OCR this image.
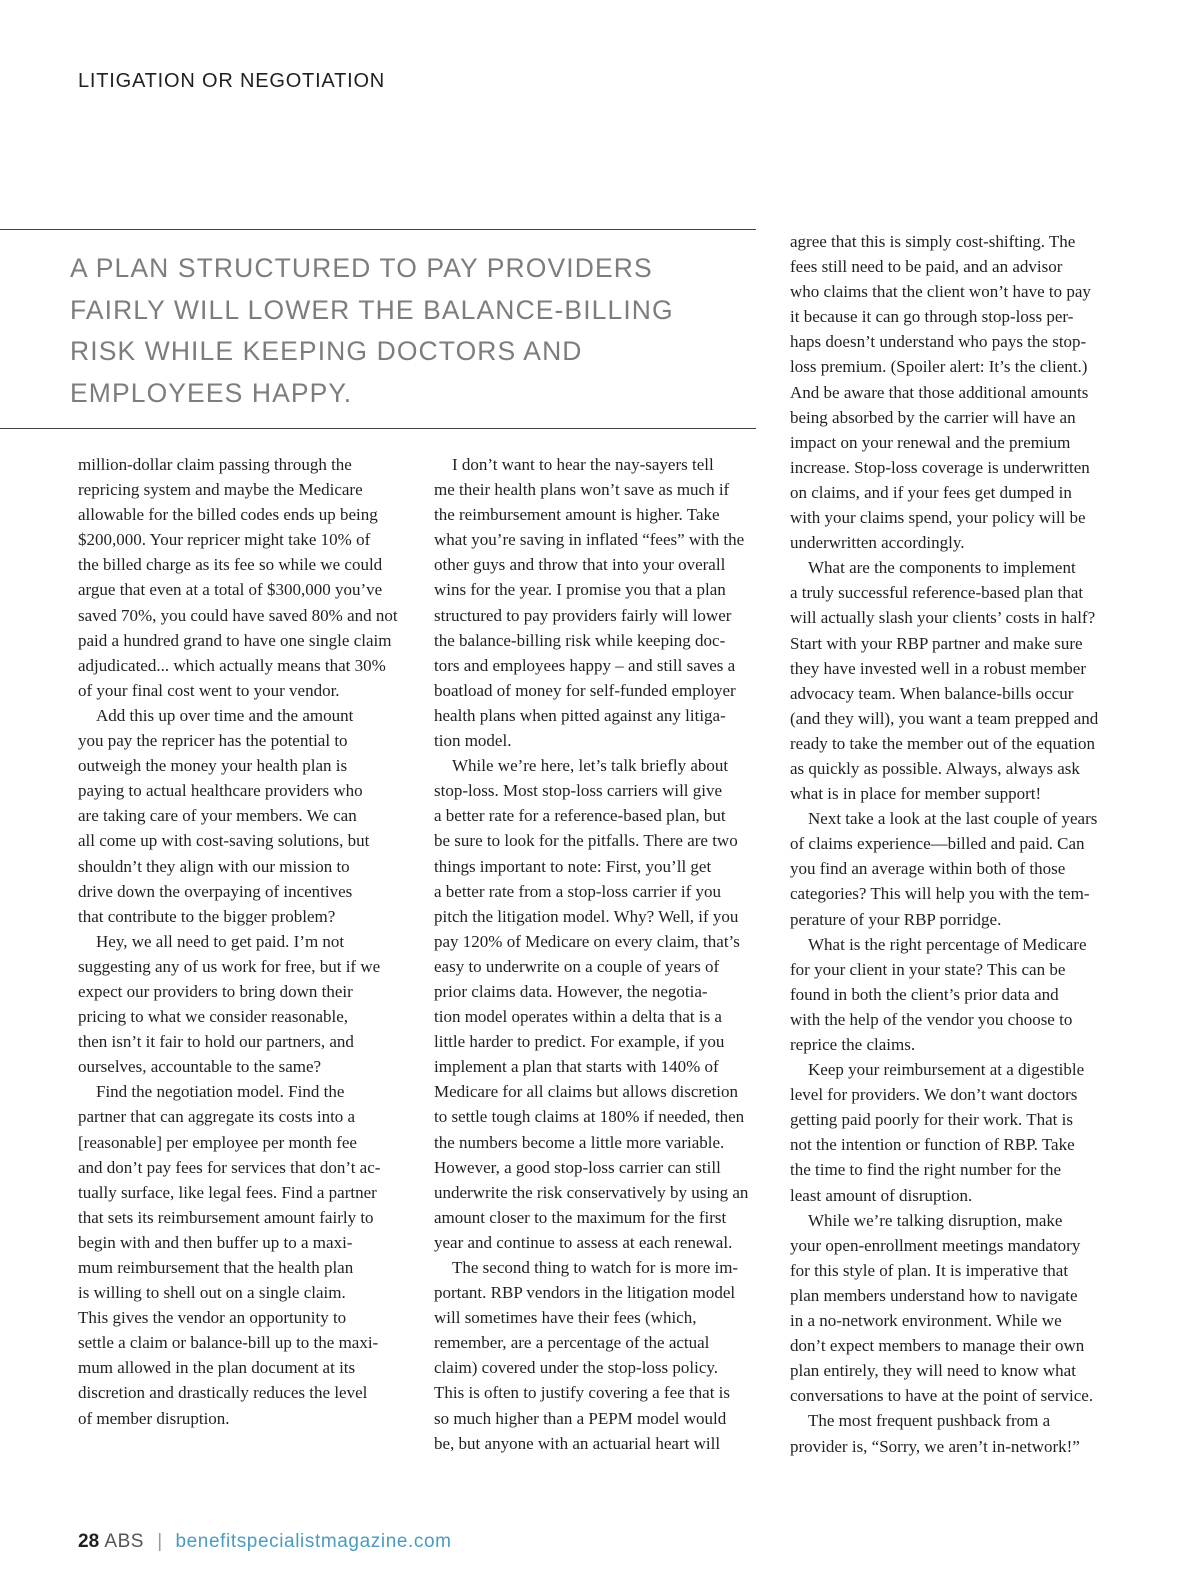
LITIGATION OR NEGOTIATION
A PLAN STRUCTURED TO PAY PROVIDERS
FAIRLY WILL LOWER THE BALANCE-BILLING
RISK WHILE KEEPING DOCTORS AND
EMPLOYEES HAPPY.

million-dollar claim passing through the
repricing system and maybe the Medicare
allowable for the billed codes ends up being
$200,000. Your repricer might take 10% of
the billed charge as its fee so while we could
argue that even at a total of $300,000 you’ve
saved 70%, you could have saved 80% and not
paid a hundred grand to have one single claim
adjudicated... which actually means that 30%
of your final cost went to your vendor.

Add this up over time and the amount
you pay the repricer has the potential to
outweigh the money your health plan is
paying to actual healthcare providers who
are taking care of your members. We can
all come up with cost-saving solutions, but
shouldn’t they align with our mission to
drive down the overpaying of incentives
that contribute to the bigger problem?

Hey, we all need to get paid. I’m not
suggesting any of us work for free, but if we
expect our providers to bring down their
pricing to what we consider reasonable,
then isn’t it fair to hold our partners, and
ourselves, accountable to the same?

Find the negotiation model. Find the
partner that can aggregate its costs into a
[reasonable] per employee per month fee
and don’t pay fees for services that don’t ac-
tually surface, like legal fees. Find a partner
that sets its reimbursement amount fairly to
begin with and then buffer up to a maxi-
mum reimbursement that the health plan
is willing to shell out on a single claim.
This gives the vendor an opportunity to
settle a claim or balance-bill up to the maxi-
mum allowed in the plan document at its
discretion and drastically reduces the level
of member disruption.

I don’t want to hear the nay-sayers tell
me their health plans won’t save as much if
the reimbursement amount is higher. Take
what you’re saving in inflated “fees” with the
other guys and throw that into your overall
wins for the year. I promise you that a plan
structured to pay providers fairly will lower
the balance-billing risk while keeping doc-
tors and employees happy – and still saves a
boatload of money for self-funded employer
health plans when pitted against any litiga-
tion model.

While we’re here, let’s talk briefly about
stop-loss. Most stop-loss carriers will give
a better rate for a reference-based plan, but
be sure to look for the pitfalls. There are two
things important to note: First, you’ll get
a better rate from a stop-loss carrier if you
pitch the litigation model. Why? Well, if you
pay 120% of Medicare on every claim, that’s
easy to underwrite on a couple of years of
prior claims data. However, the negotia-
tion model operates within a delta that is a
little harder to predict. For example, if you
implement a plan that starts with 140% of
Medicare for all claims but allows discretion
to settle tough claims at 180% if needed, then
the numbers become a little more variable.
However, a good stop-loss carrier can still
underwrite the risk conservatively by using an
amount closer to the maximum for the first
year and continue to assess at each renewal.

The second thing to watch for is more im-
portant. RBP vendors in the litigation model
will sometimes have their fees (which,
remember, are a percentage of the actual
claim) covered under the stop-loss policy.
This is often to justify covering a fee that is
so much higher than a PEPM model would
be, but anyone with an actuarial heart will

agree that this is simply cost-shifting. The
fees still need to be paid, and an advisor
who claims that the client won’t have to pay
it because it can go through stop-loss per-
haps doesn’t understand who pays the stop-
loss premium. (Spoiler alert: It’s the client.)
And be aware that those additional amounts
being absorbed by the carrier will have an
impact on your renewal and the premium
increase. Stop-loss coverage is underwritten
on claims, and if your fees get dumped in
with your claims spend, your policy will be
underwritten accordingly.

What are the components to implement
a truly successful reference-based plan that
will actually slash your clients’ costs in half?
Start with your RBP partner and make sure
they have invested well in a robust member
advocacy team. When balance-bills occur
(and they will), you want a team prepped and
ready to take the member out of the equation
as quickly as possible. Always, always ask
what is in place for member support!

Next take a look at the last couple of years
of claims experience—billed and paid. Can
you find an average within both of those
categories? This will help you with the tem-
perature of your RBP porridge.

What is the right percentage of Medicare
for your client in your state? This can be
found in both the client’s prior data and
with the help of the vendor you choose to
reprice the claims.

Keep your reimbursement at a digestible
level for providers. We don’t want doctors
getting paid poorly for their work. That is
not the intention or function of RBP. Take
the time to find the right number for the
least amount of disruption.

While we’re talking disruption, make
your open-enrollment meetings mandatory
for this style of plan. It is imperative that
plan members understand how to navigate
in a no-network environment. While we
don’t expect members to manage their own
plan entirely, they will need to know what
conversations to have at the point of service.

The most frequent pushback from a
provider is, “Sorry, we aren’t in-network!”

28 ABS | benefitspecialistmagazine.com
